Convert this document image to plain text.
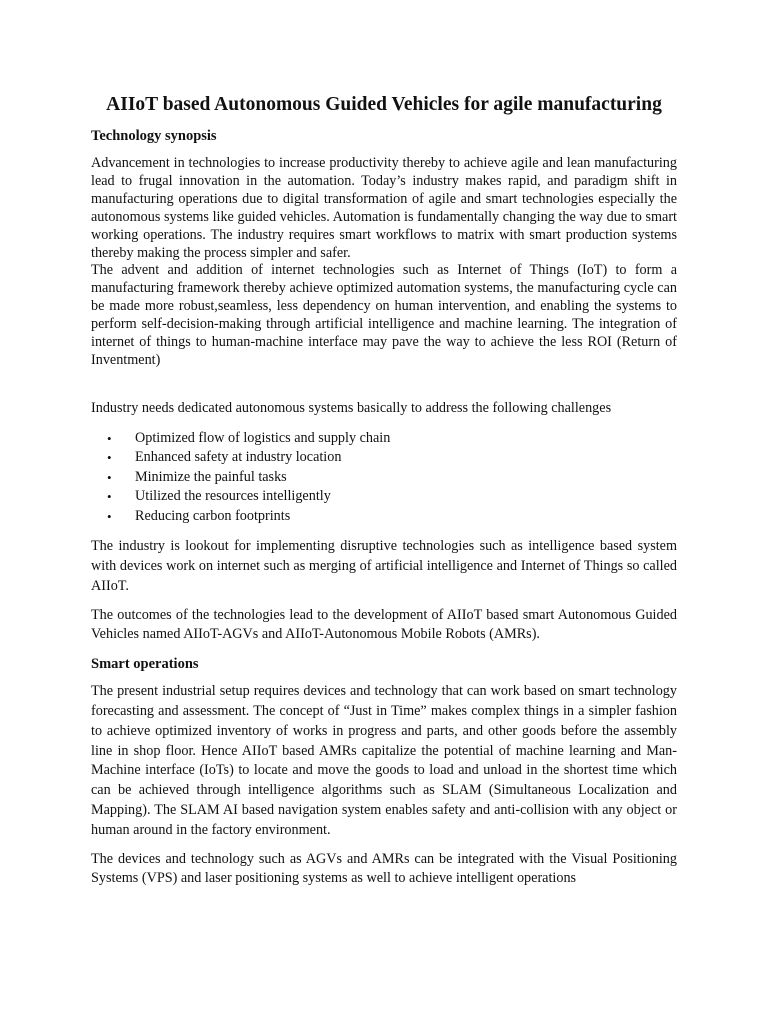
AIIoT based Autonomous Guided Vehicles for agile manufacturing
Technology synopsis

Advancement in technologies to increase productivity thereby to achieve agile and lean manufacturing lead to frugal innovation in the automation. Today’s industry makes rapid, and paradigm shift in manufacturing operations due to digital transformation of agile and smart technologies especially the autonomous systems like guided vehicles. Automation is fundamentally changing the way due to smart working operations. The industry requires smart workflows to matrix with smart production systems thereby making the process simpler and safer.

The advent and addition of internet technologies such as Internet of Things (IoT) to form a manufacturing framework thereby achieve optimized automation systems, the manufacturing cycle can be made more robust,seamless, less dependency on human intervention, and enabling the systems to perform self-decision-making through artificial intelligence and machine learning. The integration of internet of things to human-machine interface may pave the way to achieve the less ROI (Return of Inventment)

Industry needs dedicated autonomous systems basically to address the following challenges

• Optimized flow of logistics and supply chain
• Enhanced safety at industry location
• Minimize the painful tasks
• Utilized the resources intelligently
• Reducing carbon footprints

The industry is lookout for implementing disruptive technologies such as intelligence based system with devices work on internet such as merging of artificial intelligence and Internet of Things so called AIIoT.

The outcomes of the technologies lead to the development of AIIoT based smart Autonomous Guided Vehicles named AIIoT-AGVs and AIIoT-Autonomous Mobile Robots (AMRs).

Smart operations

The present industrial setup requires devices and technology that can work based on smart technology forecasting and assessment. The concept of “Just in Time” makes complex things in a simpler fashion to achieve optimized inventory of works in progress and parts, and other goods before the assembly line in shop floor. Hence AIIoT based AMRs capitalize the potential of machine learning and Man-Machine interface (IoTs) to locate and move the goods to load and unload in the shortest time which can be achieved through intelligence algorithms such as SLAM (Simultaneous Localization and Mapping). The SLAM AI based navigation system enables safety and anti-collision with any object or human around in the factory environment.

The devices and technology such as AGVs and AMRs can be integrated with the Visual Positioning Systems (VPS) and laser positioning systems as well to achieve intelligent operations
